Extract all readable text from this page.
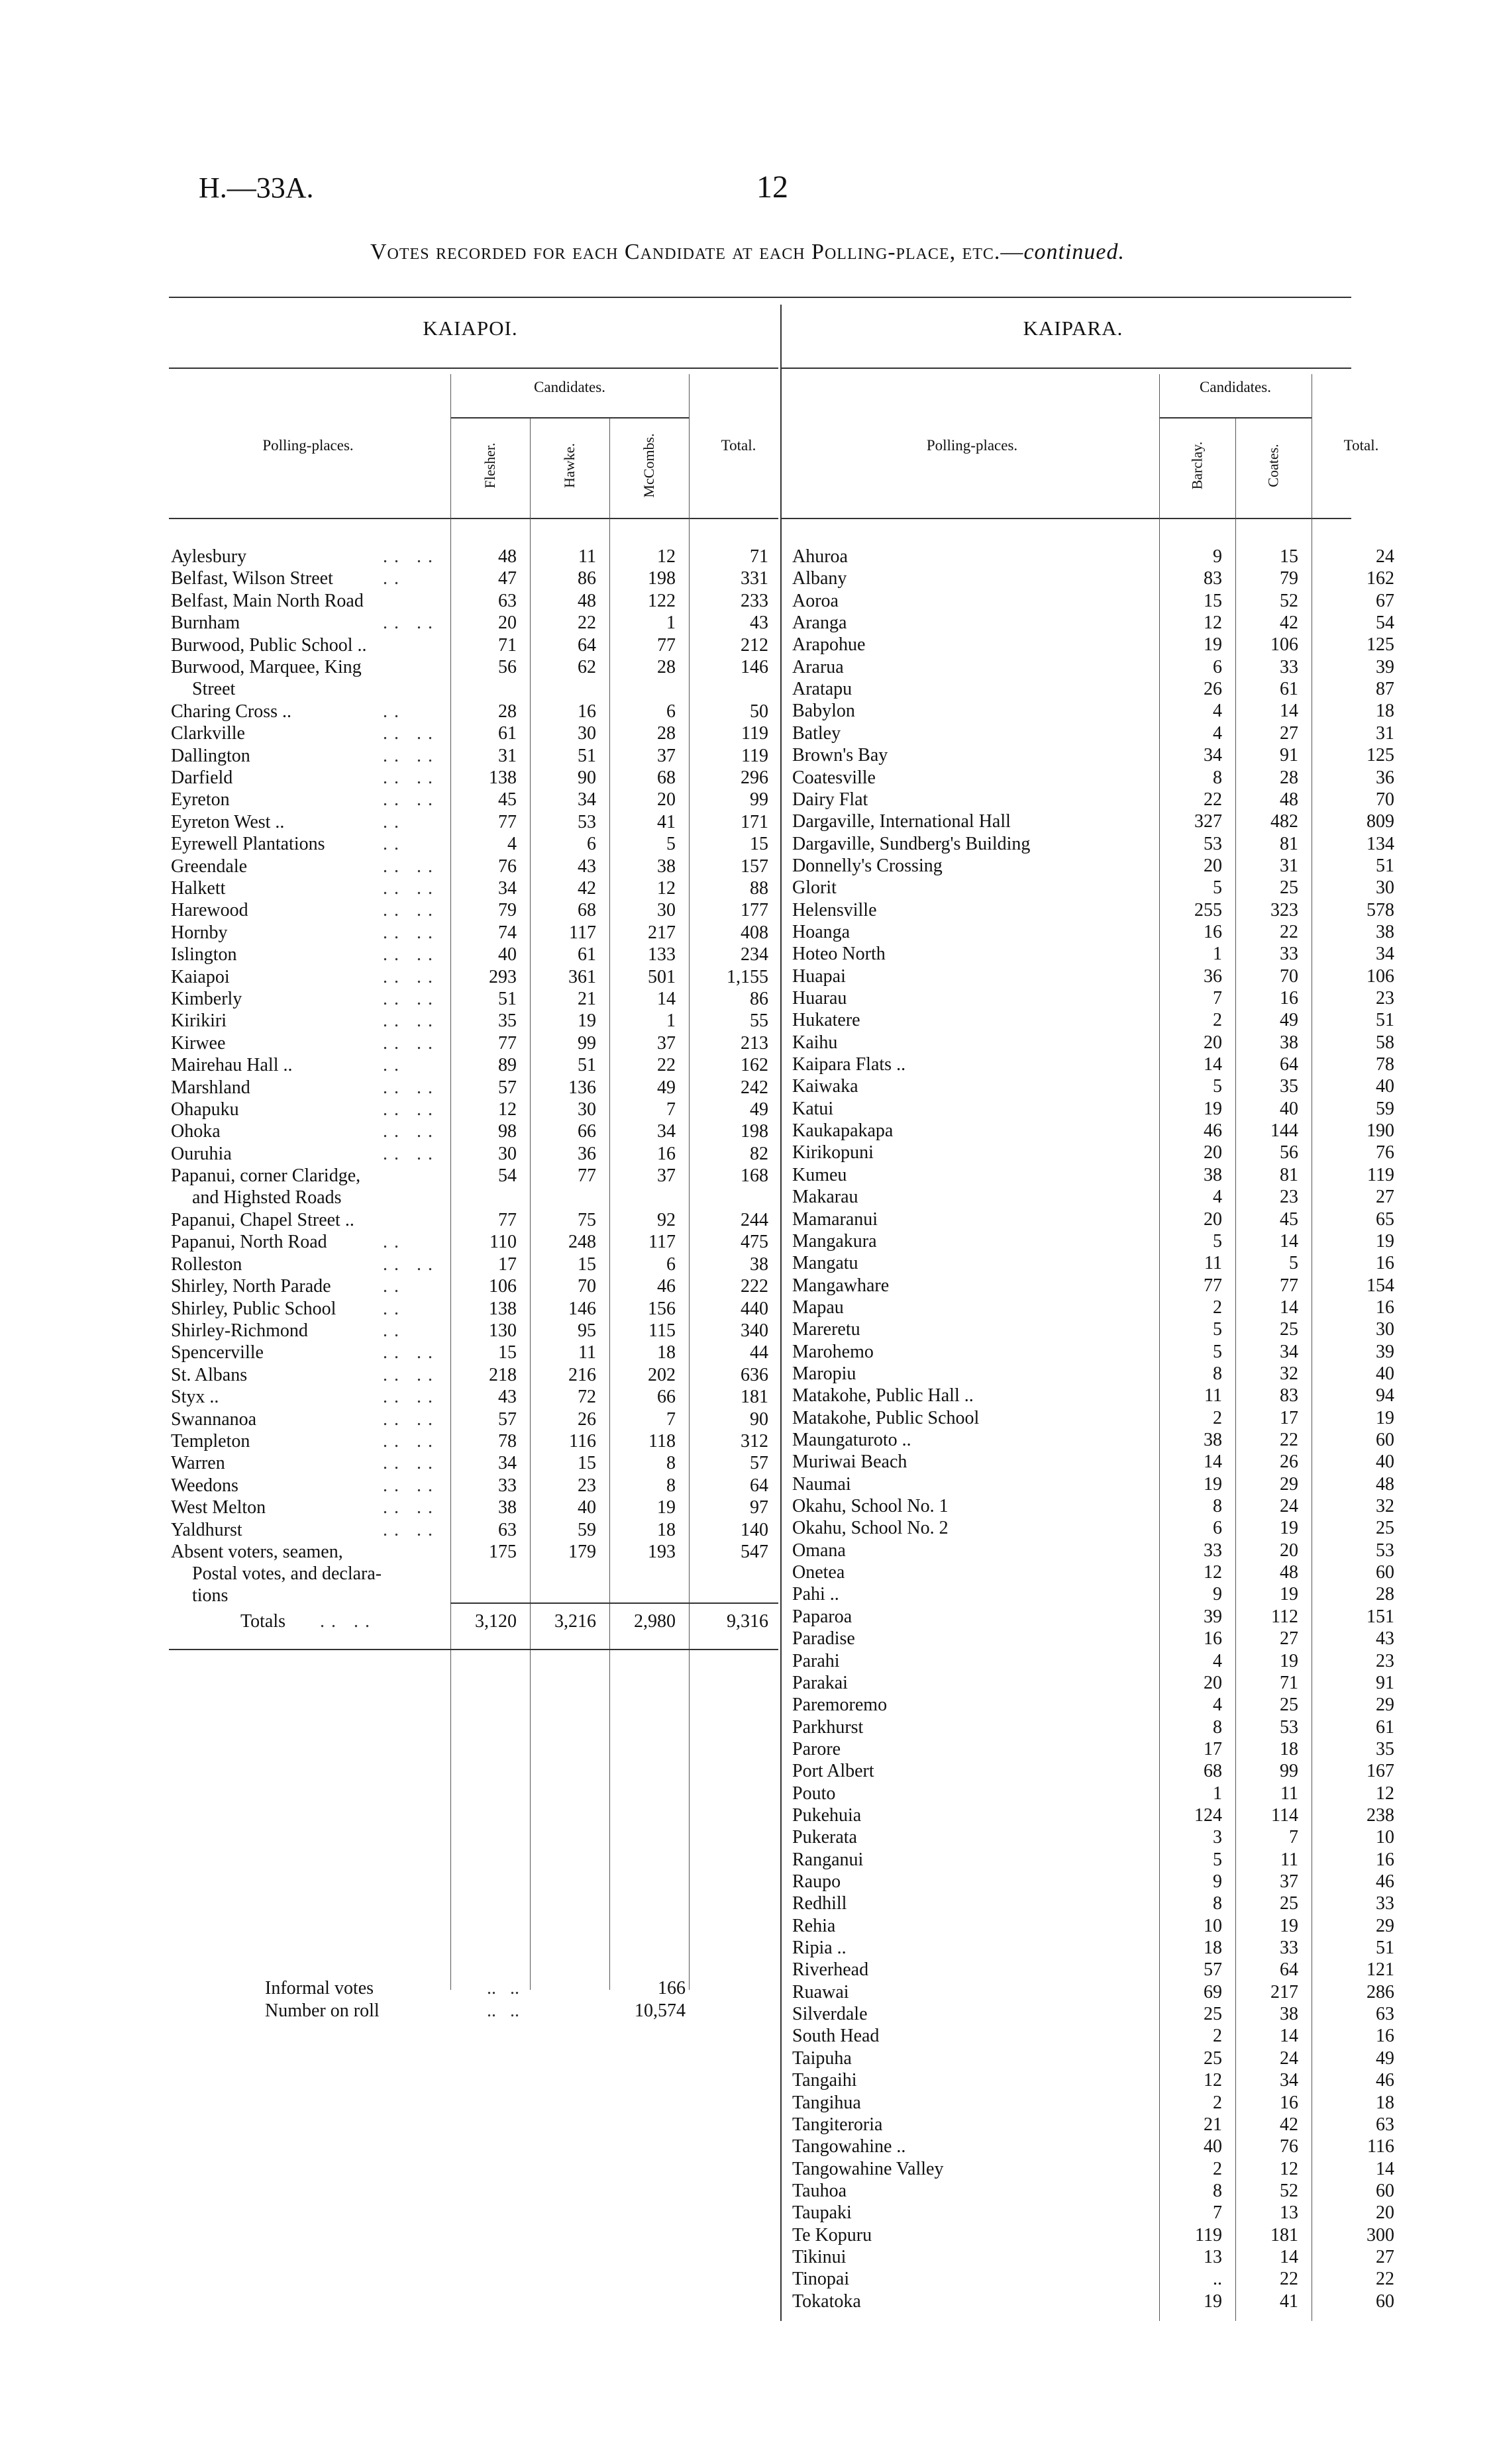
H.—33A.	12
Votes recorded for each Candidate at each Polling-place, etc.—continued.
KAIAPOI.
Polling-places.
Candidates.
Flesher.	Hawke.	McCombs.	Total.
Aylesbury	.. ..	48	11	12	71
Belfast, Wilson Street	..	47	86	198	331
Belfast, Main North Road	63	48	122	233
Burnham	.. ..	20	22	1	43
Burwood, Public School ..	71	64	77	212
Burwood, Marquee, King	56	62	28	146
Street
Charing Cross ..	..	28	16	6	50
Clarkville	.. ..	61	30	28	119
Dallington	.. ..	31	51	37	119
Darfield	.. ..	138	90	68	296
Eyreton	.. ..	45	34	20	99
Eyreton West ..	..	77	53	41	171
Eyrewell Plantations	..	4	6	5	15
Greendale	.. ..	76	43	38	157
Halkett	.. ..	34	42	12	88
Harewood	.. ..	79	68	30	177
Hornby	.. ..	74	117	217	408
Islington	.. ..	40	61	133	234
Kaiapoi	.. ..	293	361	501	1,155
Kimberly	.. ..	51	21	14	86
Kirikiri	.. ..	35	19	1	55
Kirwee	.. ..	77	99	37	213
Mairehau Hall ..	..	89	51	22	162
Marshland	.. ..	57	136	49	242
Ohapuku	.. ..	12	30	7	49
Ohoka	.. ..	98	66	34	198
Ouruhia	.. ..	30	36	16	82
Papanui, corner Claridge,	54	77	37	168
and Highsted Roads
Papanui, Chapel Street ..	77	75	92	244
Papanui, North Road	..	110	248	117	475
Rolleston	.. ..	17	15	6	38
Shirley, North Parade	..	106	70	46	222
Shirley, Public School	..	138	146	156	440
Shirley-Richmond	..	130	95	115	340
Spencerville	.. ..	15	11	18	44
St. Albans	.. ..	218	216	202	636
Styx ..	.. ..	43	72	66	181
Swannanoa	.. ..	57	26	7	90
Templeton	.. ..	78	116	118	312
Warren	.. ..	34	15	8	57
Weedons	.. ..	33	23	8	64
West Melton	.. ..	38	40	19	97
Yaldhurst	.. ..	63	59	18	140
Absent voters, seamen,	175	179	193	547
Postal votes, and declara-
tions
Totals .. ..	3,120	3,216	2,980	9,316
Informal votes	..   ..	166
Number on roll	..   ..	10,574
KAIPARA.
Polling-places.
Candidates.
Barclay.	Coates.	Total.
Ahuroa	9	15	24
Albany	83	79	162
Aoroa	15	52	67
Aranga	12	42	54
Arapohue	19	106	125
Ararua	6	33	39
Aratapu	26	61	87
Babylon	4	14	18
Batley	4	27	31
Brown's Bay	34	91	125
Coatesville	8	28	36
Dairy Flat	22	48	70
Dargaville, International Hall	327	482	809
Dargaville, Sundberg's Building	53	81	134
Donnelly's Crossing	20	31	51
Glorit	5	25	30
Helensville	255	323	578
Hoanga	16	22	38
Hoteo North	1	33	34
Huapai	36	70	106
Huarau	7	16	23
Hukatere	2	49	51
Kaihu	20	38	58
Kaipara Flats ..	14	64	78
Kaiwaka	5	35	40
Katui	19	40	59
Kaukapakapa	46	144	190
Kirikopuni	20	56	76
Kumeu	38	81	119
Makarau	4	23	27
Mamaranui	20	45	65
Mangakura	5	14	19
Mangatu	11	5	16
Mangawhare	77	77	154
Mapau	2	14	16
Mareretu	5	25	30
Marohemo	5	34	39
Maropiu	8	32	40
Matakohe, Public Hall ..	11	83	94
Matakohe, Public School	2	17	19
Maungaturoto ..	38	22	60
Muriwai Beach	14	26	40
Naumai	19	29	48
Okahu, School No. 1	8	24	32
Okahu, School No. 2	6	19	25
Omana	33	20	53
Onetea	12	48	60
Pahi ..	9	19	28
Paparoa	39	112	151
Paradise	16	27	43
Parahi	4	19	23
Parakai	20	71	91
Paremoremo	4	25	29
Parkhurst	8	53	61
Parore	17	18	35
Port Albert	68	99	167
Pouto	1	11	12
Pukehuia	124	114	238
Pukerata	3	7	10
Ranganui	5	11	16
Raupo	9	37	46
Redhill	8	25	33
Rehia	10	19	29
Ripia ..	18	33	51
Riverhead	57	64	121
Ruawai	69	217	286
Silverdale	25	38	63
South Head	2	14	16
Taipuha	25	24	49
Tangaihi	12	34	46
Tangihua	2	16	18
Tangiteroria	21	42	63
Tangowahine ..	40	76	116
Tangowahine Valley	2	12	14
Tauhoa	8	52	60
Taupaki	7	13	20
Te Kopuru	119	181	300
Tikinui	13	14	27
Tinopai	..	22	22
Tokatoka	19	41	60
